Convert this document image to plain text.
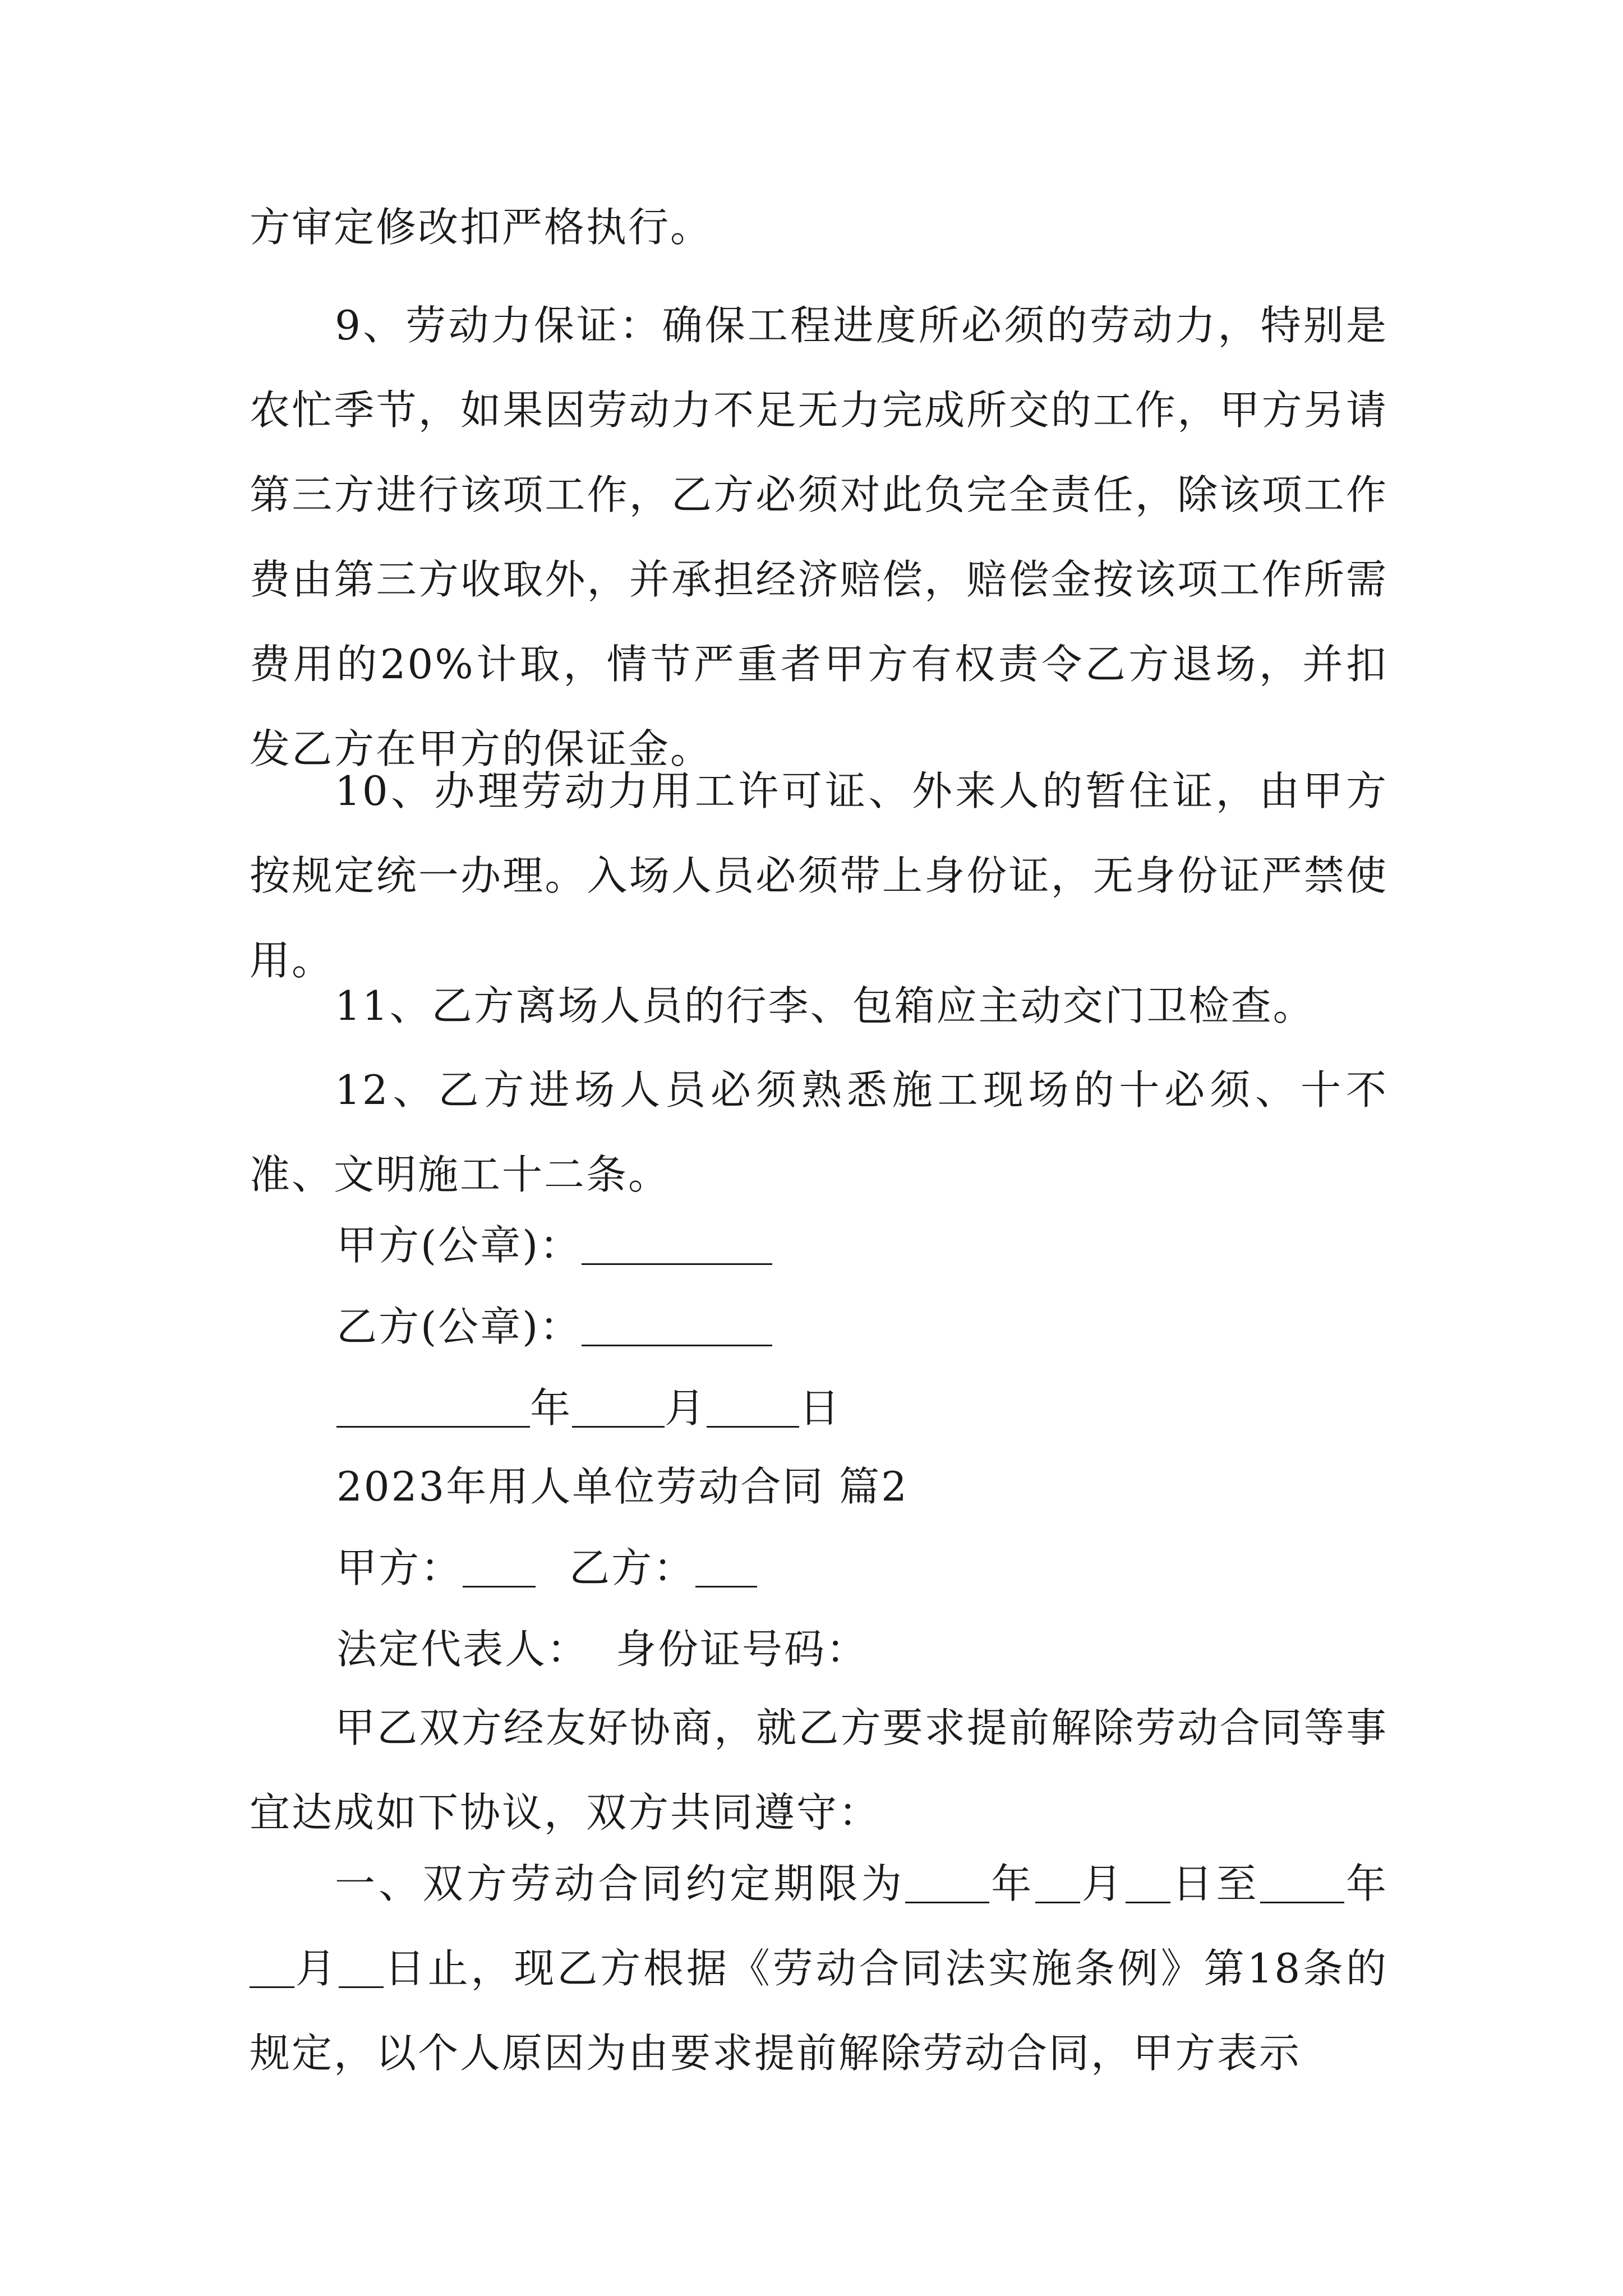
方审定修改扣严格执行。
9、劳动力保证：确保工程进度所必须的劳动力，特别是农忙季节，如果因劳动力不足无力完成所交的工作，甲方另请第三方进行该项工作，乙方必须对此负完全责任，除该项工作费由第三方收取外，并承担经济赔偿，赔偿金按该项工作所需费用的20%计取，情节严重者甲方有权责令乙方退场，并扣发乙方在甲方的保证金。
10、办理劳动力用工许可证、外来人的暂住证，由甲方按规定统一办理。入场人员必须带上身份证，无身份证严禁使用。
11、乙方离场人员的行李、包箱应主动交门卫检查。
12、乙方进场人员必须熟悉施工现场的十必须、十不准、文明施工十二条。
甲方(公章)：
乙方(公章)：
年 月 日
2023年用人单位劳动合同 篇2
甲方：	乙方：
法定代表人： 身份证号码：
甲乙双方经友好协商，就乙方要求提前解除劳动合同等事宜达成如下协议，双方共同遵守：
一、双方劳动合同约定期限为 年 月 日至 年月 日止，现乙方根据《劳动合同法实施条例》第18条的规定，以个人原因为由要求提前解除劳动合同，甲方表示
